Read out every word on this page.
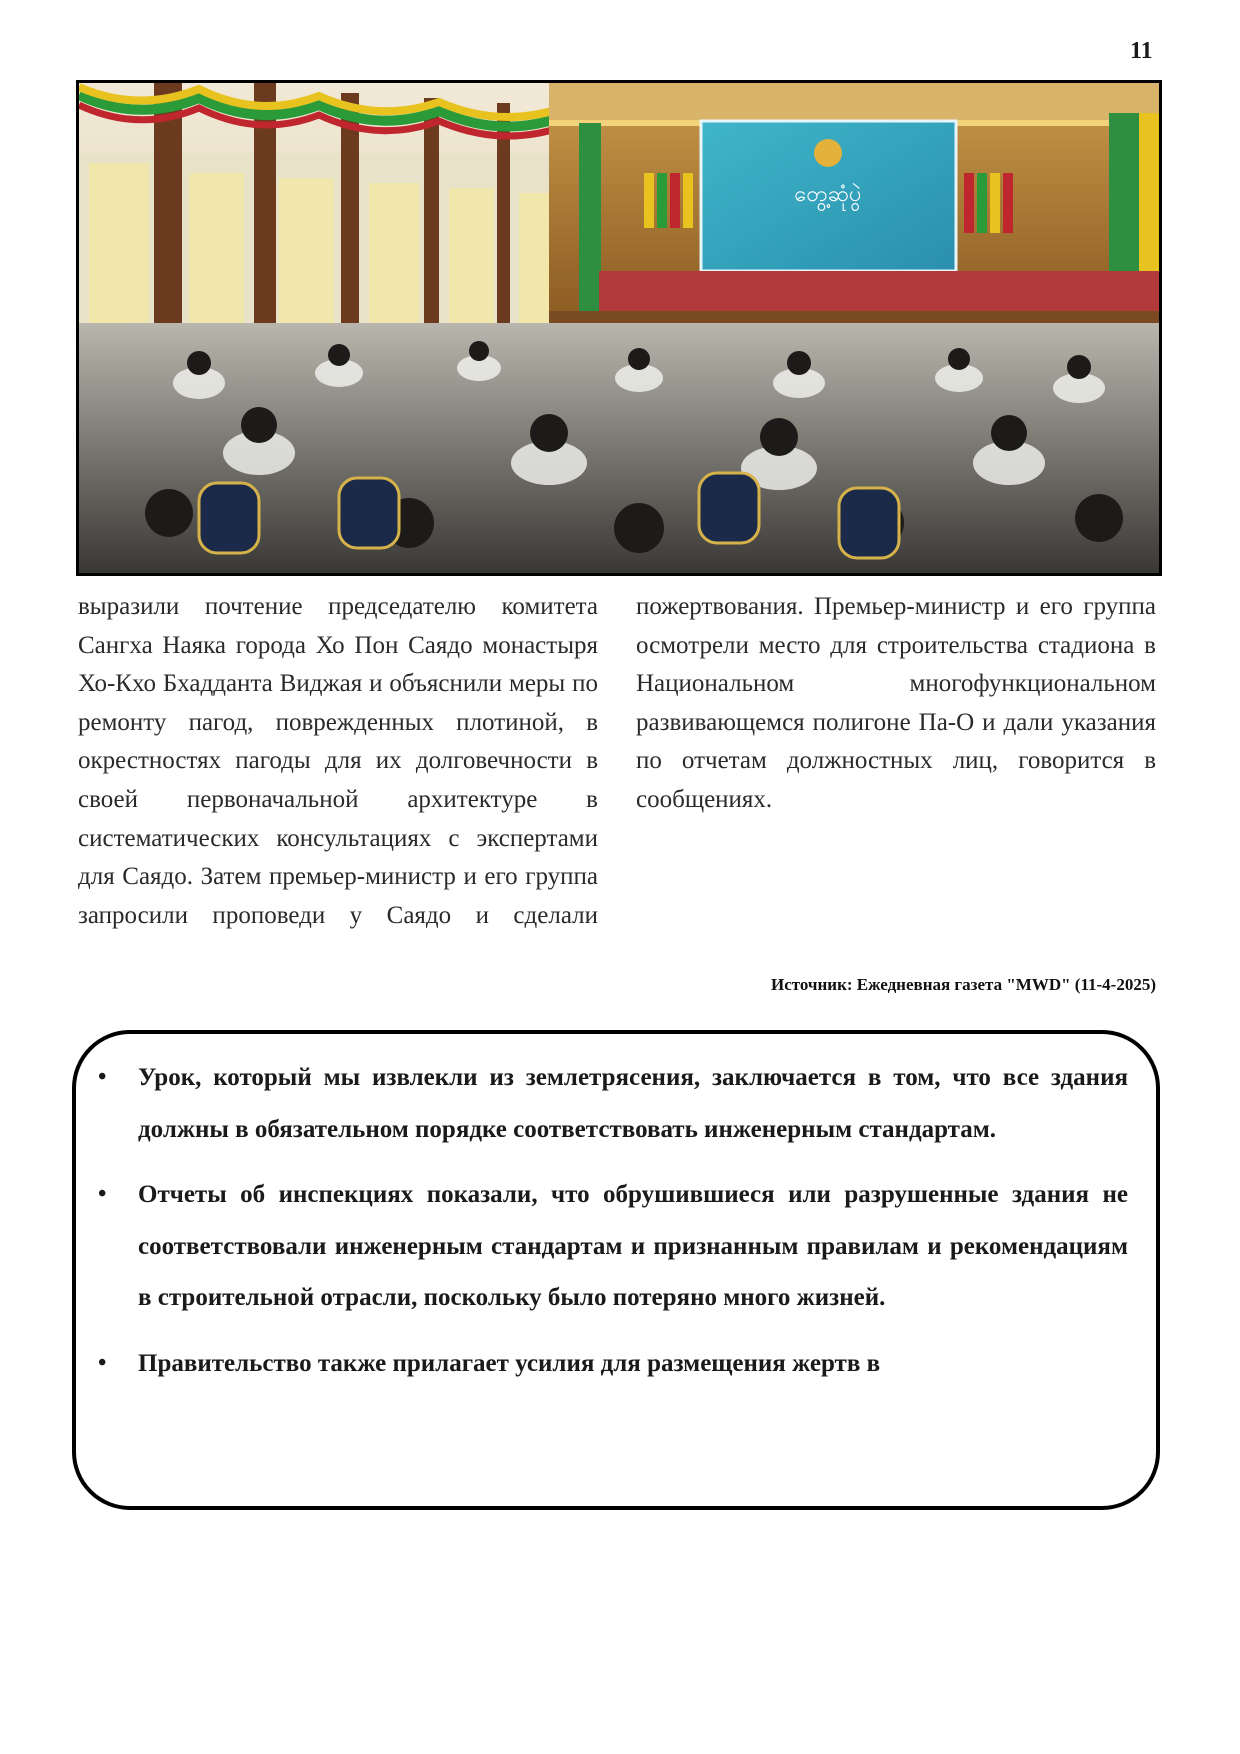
11
တွေ့ဆုံပွဲ

выразили почтение председателю комитета Сангха Наяка города Хо Пон Саядо монастыря Хо-Кхо Бхадданта Виджая и объяснили меры по ремонту пагод, поврежденных плотиной, в окрестностях пагоды для их долговечности в своей первоначальной архитектуре в систематических консультациях с экспертами для Саядо. Затем премьер-министр и его группа запросили проповеди у Саядо и сделали

пожертвования. Премьер-министр и его группа осмотрели место для строительства стадиона в Национальном многофункциональном развивающемся полигоне Па-О и дали указания по отчетам должностных лиц, говорится в сообщениях.

Источник: Ежедневная газета "MWD" (11-4-2025)
• Урок, который мы извлекли из землетрясения, заключается в том, что все здания должны в обязательном порядке соответствовать инженерным стандартам.
• Отчеты об инспекциях показали, что обрушившиеся или разрушенные здания не соответствовали инженерным стандартам и признанным правилам и рекомендациям в строительной отрасли, поскольку было потеряно много жизней.
• Правительство также прилагает усилия для размещения жертв в
